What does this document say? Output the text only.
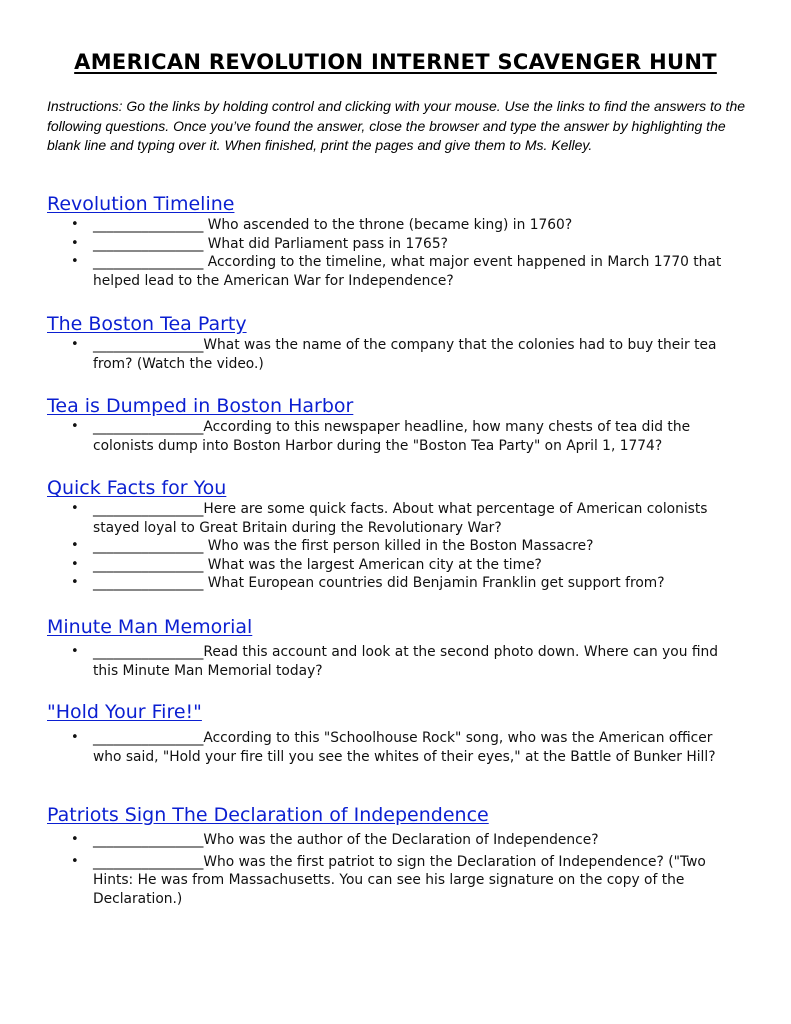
AMERICAN REVOLUTION INTERNET SCAVENGER HUNT
Instructions: Go the links by holding control and clicking with your mouse. Use the links to find the answers to the following questions. Once you’ve found the answer, close the browser and type the answer by highlighting the blank line and typing over it. When finished, print the pages and give them to Ms. Kelley.
Revolution Timeline
• ________________ Who ascended to the throne (became king) in 1760?
• ________________ What did Parliament pass in 1765?
• ________________ According to the timeline, what major event happened in March 1770 that helped lead to the American War for Independence?
The Boston Tea Party
• ________________What was the name of the company that the colonies had to buy their tea from? (Watch the video.)
Tea is Dumped in Boston Harbor
• ________________According to this newspaper headline, how many chests of tea did the colonists dump into Boston Harbor during the "Boston Tea Party" on April 1, 1774?
Quick Facts for You
• ________________Here are some quick facts. About what percentage of American colonists stayed loyal to Great Britain during the Revolutionary War?
• ________________ Who was the first person killed in the Boston Massacre?
• ________________ What was the largest American city at the time?
• ________________ What European countries did Benjamin Franklin get support from?
Minute Man Memorial
• ________________Read this account and look at the second photo down. Where can you find this Minute Man Memorial today?
"Hold Your Fire!"
• ________________According to this "Schoolhouse Rock" song, who was the American officer who said, "Hold your fire till you see the whites of their eyes," at the Battle of Bunker Hill?
Patriots Sign The Declaration of Independence
• ________________Who was the author of the Declaration of Independence?
• ________________Who was the first patriot to sign the Declaration of Independence? ("Two Hints: He was from Massachusetts. You can see his large signature on the copy of the Declaration.)
